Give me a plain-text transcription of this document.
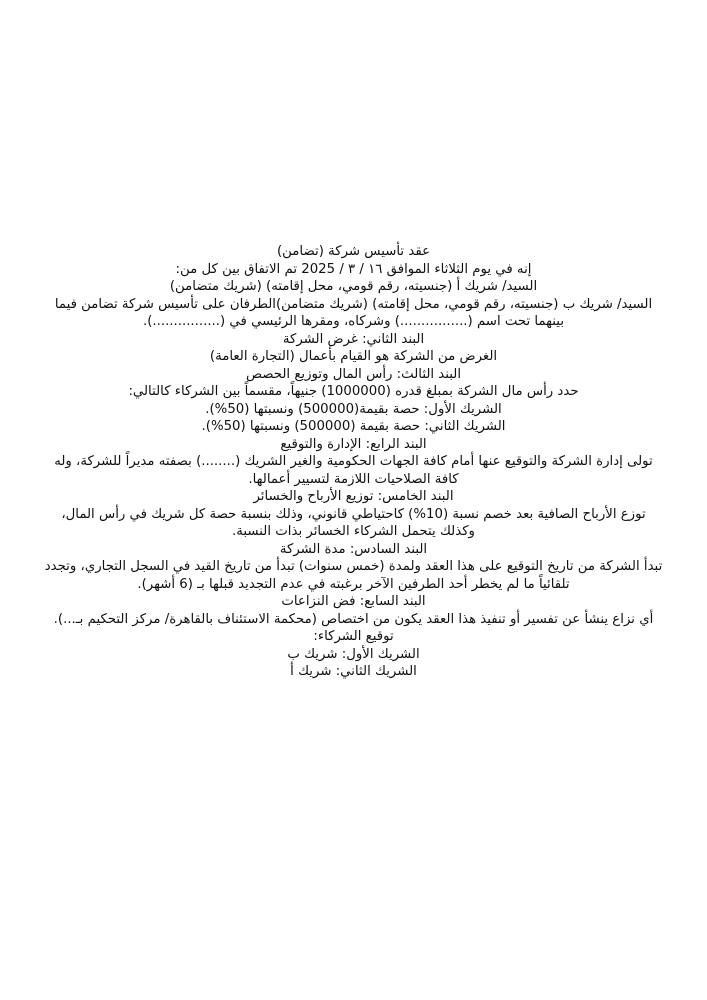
عقد تأسيس شركة (تضامن)

إنه في يوم الثلاثاء الموافق ١٦ / ٣ / 2025 تم الاتفاق بين كل من:

السيد/ شريك أ (جنسيته، رقم قومي، محل إقامته) (شريك متضامن)

السيد/ شريك ب (جنسيته، رقم قومي، محل إقامته) (شريك متضامن)الطرفان على تأسيس شركة تضامن فيما بينهما تحت اسم (................) وشركاه، ومقرها الرئيسي في (................).

البند الثاني: غرض الشركة

الغرض من الشركة هو القيام بأعمال (التجارة العامة)

البند الثالث: رأس المال وتوزيع الحصص

حدد رأس مال الشركة بمبلغ قدره (1000000) جنيهاً، مقسماً بين الشركاء كالتالي:

الشريك الأول: حصة بقيمة(500000) ونسبتها (50%).

الشريك الثاني: حصة بقيمة (500000) ونسبتها (50%).

البند الرابع: الإدارة والتوقيع

تولى إدارة الشركة والتوقيع عنها أمام كافة الجهات الحكومية والغير الشريك (........) بصفته مديراً للشركة، وله كافة الصلاحيات اللازمة لتسيير أعمالها.

البند الخامس: توزيع الأرباح والخسائر

توزع الأرباح الصافية بعد خصم نسبة (10%) كاحتياطي قانوني، وذلك بنسبة حصة كل شريك في رأس المال، وكذلك يتحمل الشركاء الخسائر بذات النسبة.

البند السادس: مدة الشركة

تبدأ الشركة من تاريخ التوقيع على هذا العقد ولمدة (خمس سنوات) تبدأ من تاريخ القيد في السجل التجاري، وتجدد تلقائياً ما لم يخطر أحد الطرفين الآخر برغبته في عدم التجديد قبلها بـ (6 أشهر).

البند السابع: فض النزاعات

أي نزاع ينشأ عن تفسير أو تنفيذ هذا العقد يكون من اختصاص (محكمة الاستئناف بالقاهرة/ مركز التحكيم بـ...).

توقيع الشركاء:

الشريك الأول: شريك ب

الشريك الثاني: شريك أ
